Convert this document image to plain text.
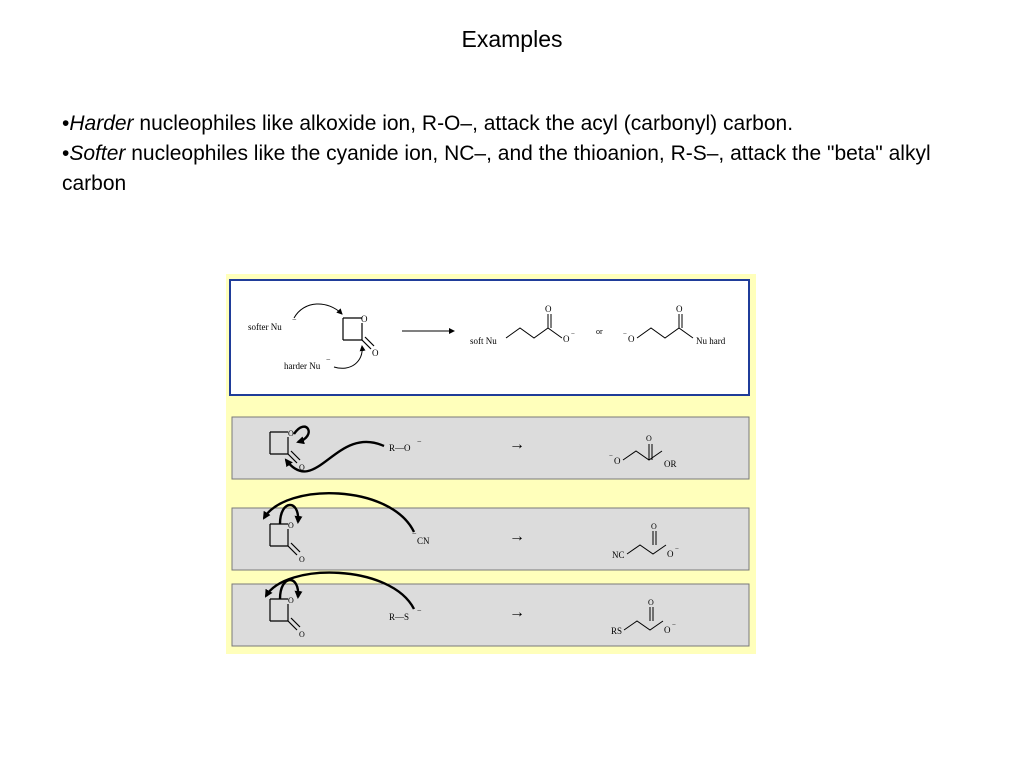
Examples

•Harder nucleophiles like alkoxide ion, R-O–, attack the acyl (carbonyl) carbon.

•Softer nucleophiles like the cyanide ion, NC–, and the thioanion, R-S–, attack the "beta" alkyl carbon

softer Nu
−	O
O
harder Nu
−
soft Nu
O
O −	or	− O
O
Nu hard
O
O
R—O
−	→
− O
O
OR
O
O
−
CN	→
NC
O
O −
O
O
R—S
−	→
RS
O
O −
